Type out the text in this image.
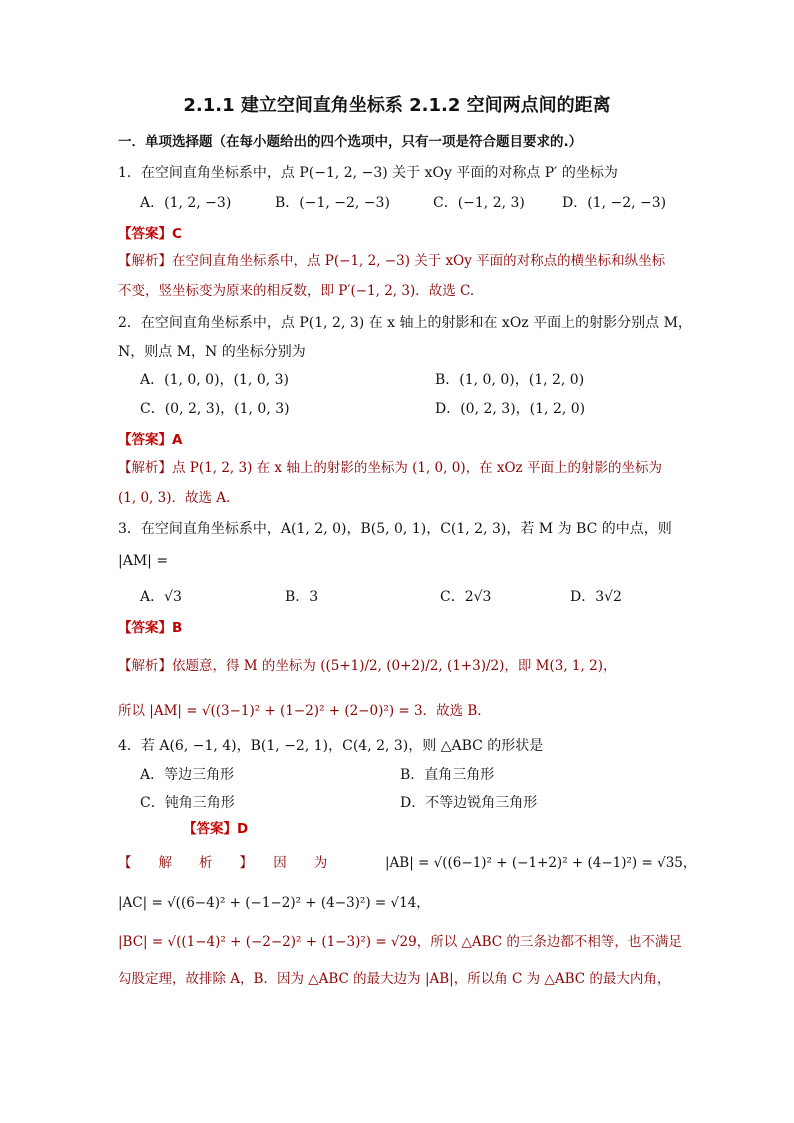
2.1.1 建立空间直角坐标系 2.1.2 空间两点间的距离
一．单项选择题（在每小题给出的四个选项中，只有一项是符合题目要求的.）
1．在空间直角坐标系中，点 P(−1, 2, −3) 关于 xOy 平面的对称点 P′ 的坐标为
A．(1, 2, −3)	B．(−1, −2, −3)	C．(−1, 2, 3)	D．(1, −2, −3)
【答案】C
【解析】在空间直角坐标系中，点 P(−1, 2, −3) 关于 xOy 平面的对称点的横坐标和纵坐标
不变，竖坐标变为原来的相反数，即 P′(−1, 2, 3)．故选 C.
2．在空间直角坐标系中，点 P(1, 2, 3) 在 x 轴上的射影和在 xOz 平面上的射影分别点 M，
N，则点 M，N 的坐标分别为
A．(1, 0, 0)，(1, 0, 3)	B．(1, 0, 0)，(1, 2, 0)
C．(0, 2, 3)，(1, 0, 3)	D．(0, 2, 3)，(1, 2, 0)
【答案】A
【解析】点 P(1, 2, 3) 在 x 轴上的射影的坐标为 (1, 0, 0)，在 xOz 平面上的射影的坐标为
(1, 0, 3)．故选 A.
3．在空间直角坐标系中，A(1, 2, 0)，B(5, 0, 1)，C(1, 2, 3)，若 M 为 BC 的中点，则
|AM| =
A．√3	B．3	C．2√3	D．3√2
【答案】B
【解析】依题意，得 M 的坐标为 ((5+1)/2, (0+2)/2, (1+3)/2)，即 M(3, 1, 2)，
所以 |AM| = √((3−1)² + (1−2)² + (2−0)²) = 3．故选 B.
4．若 A(6, −1, 4)，B(1, −2, 1)，C(4, 2, 3)，则 △ABC 的形状是
A．等边三角形	B．直角三角形
C．钝角三角形	D．不等边锐角三角形
【答案】D
【　　解　　析　　】　　因　　为	|AB| = √((6−1)² + (−1+2)² + (4−1)²) = √35，
|AC| = √((6−4)² + (−1−2)² + (4−3)²) = √14，
|BC| = √((1−4)² + (−2−2)² + (1−3)²) = √29，所以 △ABC 的三条边都不相等，也不满足
勾股定理，故排除 A，B．因为 △ABC 的最大边为 |AB|，所以角 C 为 △ABC 的最大内角，
